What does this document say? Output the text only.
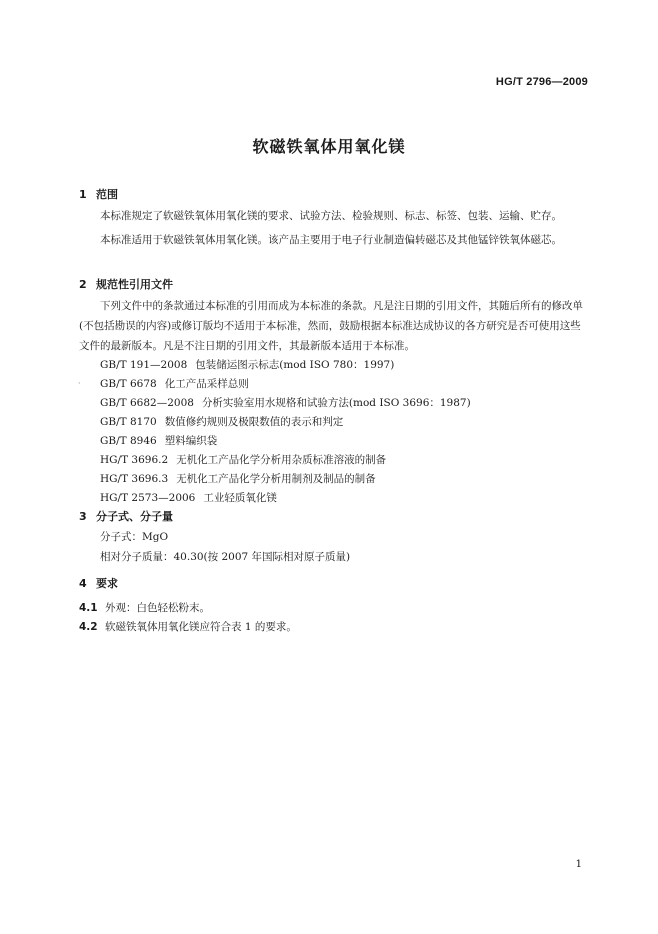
HG/T 2796—2009
软磁铁氧体用氧化镁
1 范围

本标准规定了软磁铁氧体用氧化镁的要求、试验方法、检验规则、标志、标签、包装、运输、贮存。

本标准适用于软磁铁氧体用氧化镁。该产品主要用于电子行业制造偏转磁芯及其他锰锌铁氧体磁芯。

2 规范性引用文件

下列文件中的条款通过本标准的引用而成为本标准的条款。凡是注日期的引用文件，其随后所有的修改单(不包括勘误的内容)或修订版均不适用于本标准，然而，鼓励根据本标准达成协议的各方研究是否可使用这些文件的最新版本。凡是不注日期的引用文件，其最新版本适用于本标准。

GB/T 191—2008 包装储运图示标志(mod ISO 780：1997)
GB/T 6678 化工产品采样总则
GB/T 6682—2008 分析实验室用水规格和试验方法(mod ISO 3696：1987)
GB/T 8170 数值修约规则及极限数值的表示和判定
GB/T 8946 塑料编织袋
HG/T 3696.2 无机化工产品化学分析用杂质标准溶液的制备
HG/T 3696.3 无机化工产品化学分析用制剂及制品的制备
HG/T 2573—2006 工业轻质氧化镁
3 分子式、分子量
分子式：MgO
相对分子质量：40.30(按 2007 年国际相对原子质量)
4 要求
4.1 外观：白色轻松粉末。
4.2 软磁铁氧体用氧化镁应符合表 1 的要求。
·
1
